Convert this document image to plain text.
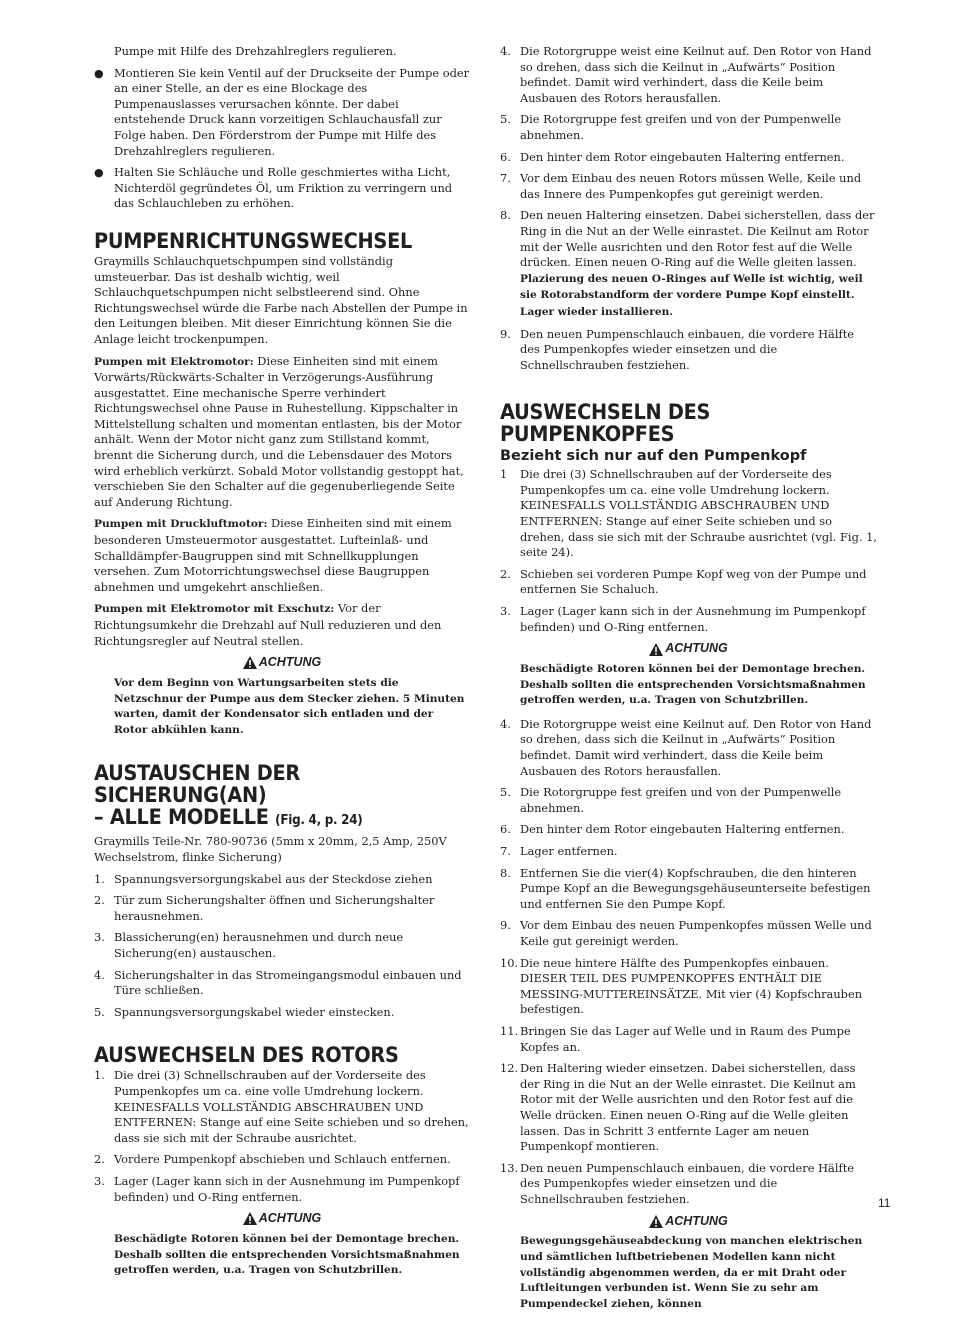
Pumpe mit Hilfe des Drehzahlreglers regulieren.

● Montieren Sie kein Ventil auf der Druckseite der Pumpe oder an einer Stelle, an der es eine Blockage des Pumpenauslasses verursachen könnte. Der dabei entstehende Druck kann vorzeitigen Schlauchausfall zur Folge haben. Den Förderstrom der Pumpe mit Hilfe des Drehzahlreglers regulieren.
● Halten Sie Schläuche und Rolle geschmiertes witha Licht, Nichterdöl gegründetes Öl, um Friktion zu verringern und das Schlauchleben zu erhöhen.
PUMPENRICHTUNGSWECHSEL

Graymills Schlauchquetschpumpen sind vollständig umsteuerbar. Das ist deshalb wichtig, weil Schlauchquetschpumpen nicht selbstleerend sind. Ohne Richtungswechsel würde die Farbe nach Abstellen der Pumpe in den Leitungen bleiben. Mit dieser Einrichtung können Sie die Anlage leicht trockenpumpen.

Pumpen mit Elektromotor: Diese Einheiten sind mit einem Vorwärts/Rückwärts-Schalter in Verzögerungs-Ausführung ausgestattet. Eine mechanische Sperre verhindert Richtungswechsel ohne Pause in Ruhestellung. Kippschalter in Mittelstellung schalten und momentan entlasten, bis der Motor anhält. Wenn der Motor nicht ganz zum Stillstand kommt, brennt die Sicherung durch, und die Lebensdauer des Motors wird erheblich verkürzt. Sobald Motor vollstandig gestoppt hat, verschieben Sie den Schalter auf die gegenuberliegende Seite auf Anderung Richtung.

Pumpen mit Druckluftmotor: Diese Einheiten sind mit einem besonderen Umsteuermotor ausgestattet. Lufteinlaß- und Schalldämpfer-Baugruppen sind mit Schnellkupplungen versehen. Zum Motorrichtungswechsel diese Baugruppen abnehmen und umgekehrt anschließen.

Pumpen mit Elektromotor mit Exschutz: Vor der Richtungsumkehr die Drehzahl auf Null reduzieren und den Richtungsregler auf Neutral stellen.

ACHTUNG

Vor dem Beginn von Wartungsarbeiten stets die Netzschnur der Pumpe aus dem Stecker ziehen. 5 Minuten warten, damit der Kondensator sich entladen und der Rotor abkühlen kann.

AUSTAUSCHEN DER SICHERUNG(AN)
– ALLE MODELLE (Fig. 4, p. 24)

Graymills Teile-Nr. 780-90736 (5mm x 20mm, 2,5 Amp, 250V Wechselstrom, flinke Sicherung)

1. Spannungsversorgungskabel aus der Steckdose ziehen
2. Tür zum Sicherungshalter öffnen und Sicherungshalter herausnehmen.
3. Blassicherung(en) herausnehmen und durch neue Sicherung(en) austauschen.
4. Sicherungshalter in das Stromeingangsmodul einbauen und Türe schließen.
5. Spannungsversorgungskabel wieder einstecken.
AUSWECHSELN DES ROTORS
1. Die drei (3) Schnellschrauben auf der Vorderseite des Pumpenkopfes um ca. eine volle Umdrehung lockern. KEINESFALLS VOLLSTÄNDIG ABSCHRAUBEN UND ENTFERNEN: Stange auf eine Seite schieben und so drehen, dass sie sich mit der Schraube ausrichtet.
2. Vordere Pumpenkopf abschieben und Schlauch entfernen.
3. Lager (Lager kann sich in der Ausnehmung im Pumpenkopf befinden) und O-Ring entfernen.
ACHTUNG

Beschädigte Rotoren können bei der Demontage brechen. Deshalb sollten die entsprechenden Vorsichtsmaßnahmen getroffen werden, u.a. Tragen von Schutzbrillen.

4. Die Rotorgruppe weist eine Keilnut auf. Den Rotor von Hand so drehen, dass sich die Keilnut in „Aufwärts“ Position befindet. Damit wird verhindert, dass die Keile beim Ausbauen des Rotors herausfallen.
5. Die Rotorgruppe fest greifen und von der Pumpenwelle abnehmen.
6. Den hinter dem Rotor eingebauten Haltering entfernen.
7. Vor dem Einbau des neuen Rotors müssen Welle, Keile und das Innere des Pumpenkopfes gut gereinigt werden.
8. Den neuen Haltering einsetzen. Dabei sicherstellen, dass der Ring in die Nut an der Welle einrastet. Die Keilnut am Rotor mit der Welle ausrichten und den Rotor fest auf die Welle drücken. Einen neuen O-Ring auf die Welle gleiten lassen. Plazierung des neuen O-Ringes auf Welle ist wichtig, weil sie Rotorabstandform der vordere Pumpe Kopf einstellt. Lager wieder installieren.
9. Den neuen Pumpenschlauch einbauen, die vordere Hälfte des Pumpenkopfes wieder einsetzen und die Schnellschrauben festziehen.
AUSWECHSELN DES PUMPENKOPFES
Bezieht sich nur auf den Pumpenkopf
1 Die drei (3) Schnellschrauben auf der Vorderseite des Pumpenkopfes um ca. eine volle Umdrehung lockern. KEINESFALLS VOLLSTÄNDIG ABSCHRAUBEN UND ENTFERNEN: Stange auf einer Seite schieben und so drehen, dass sie sich mit der Schraube ausrichtet (vgl. Fig. 1, seite 24).
2. Schieben sei vorderen Pumpe Kopf weg von der Pumpe und entfernen Sie Schaluch.
3. Lager (Lager kann sich in der Ausnehmung im Pumpenkopf befinden) und O-Ring entfernen.
ACHTUNG

Beschädigte Rotoren können bei der Demontage brechen. Deshalb sollten die entsprechenden Vorsichtsmaßnahmen getroffen werden, u.a. Tragen von Schutzbrillen.

4. Die Rotorgruppe weist eine Keilnut auf. Den Rotor von Hand so drehen, dass sich die Keilnut in „Aufwärts“ Position befindet. Damit wird verhindert, dass die Keile beim Ausbauen des Rotors herausfallen.
5. Die Rotorgruppe fest greifen und von der Pumpenwelle abnehmen.
6. Den hinter dem Rotor eingebauten Haltering entfernen.
7. Lager entfernen.
8. Entfernen Sie die vier(4) Kopfschrauben, die den hinteren Pumpe Kopf an die Bewegungsgehäuseunterseite befestigen und entfernen Sie den Pumpe Kopf.
9. Vor dem Einbau des neuen Pumpenkopfes müssen Welle und Keile gut gereinigt werden.
10. Die neue hintere Hälfte des Pumpenkopfes einbauen. DIESER TEIL DES PUMPENKOPFES ENTHÄLT DIE MESSING-MUTTEREINSÄTZE. Mit vier (4) Kopfschrauben befestigen.
11. Bringen Sie das Lager auf Welle und in Raum des Pumpe Kopfes an.
12. Den Haltering wieder einsetzen. Dabei sicherstellen, dass der Ring in die Nut an der Welle einrastet. Die Keilnut am Rotor mit der Welle ausrichten und den Rotor fest auf die Welle drücken. Einen neuen O-Ring auf die Welle gleiten lassen. Das in Schritt 3 entfernte Lager am neuen Pumpenkopf montieren.
13. Den neuen Pumpenschlauch einbauen, die vordere Hälfte des Pumpenkopfes wieder einsetzen und die Schnellschrauben festziehen.
ACHTUNG

Bewegungsgehäuseabdeckung von manchen elektrischen und sämtlichen luftbetriebenen Modellen kann nicht vollständig abgenommen werden, da er mit Draht oder Luftleitungen verbunden ist. Wenn Sie zu sehr am Pumpendeckel ziehen, können

11
